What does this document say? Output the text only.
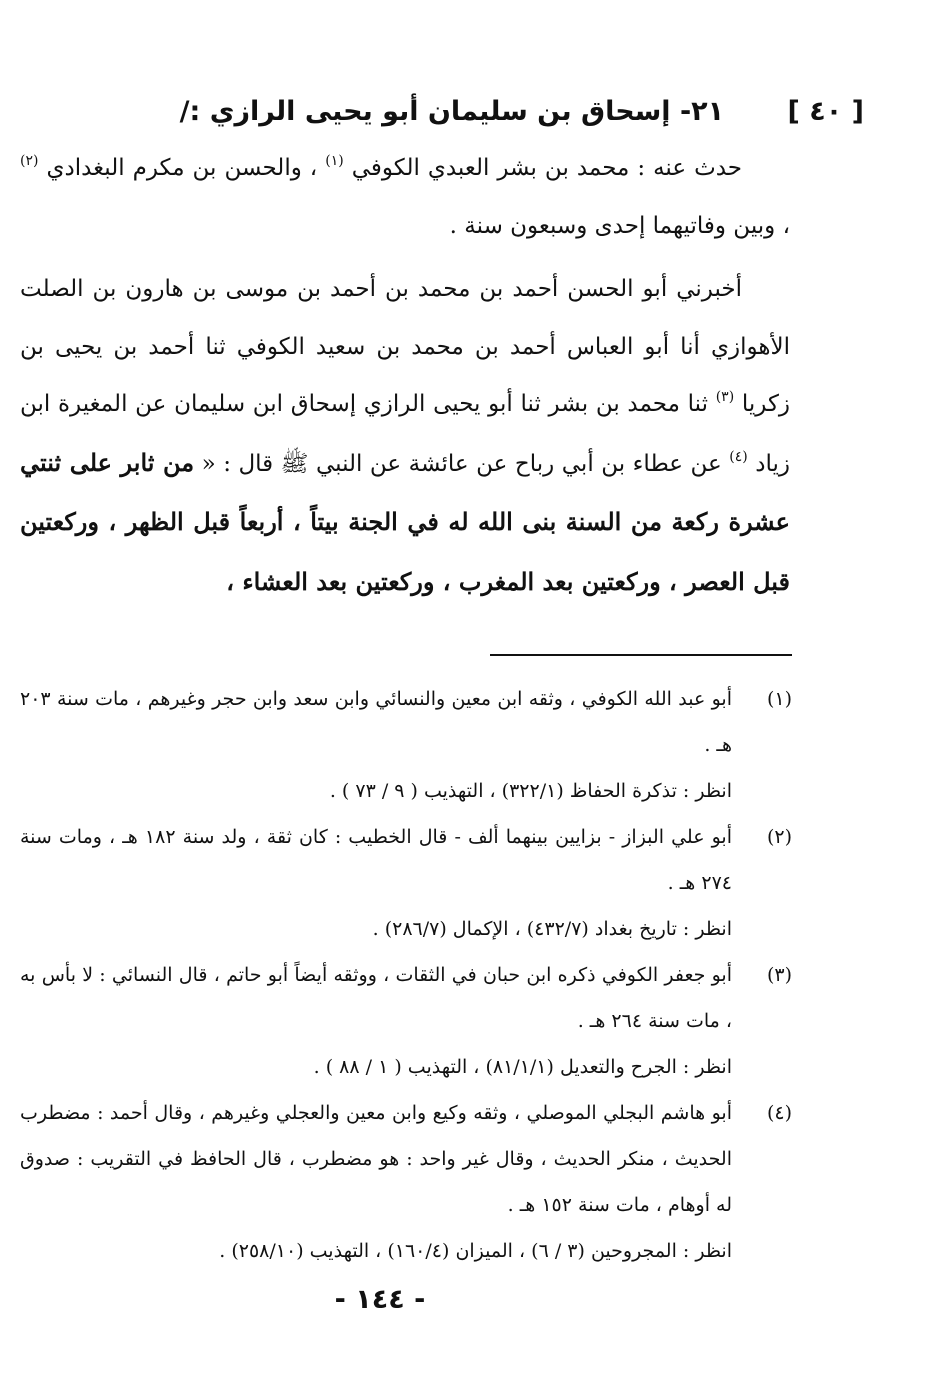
[ ٤٠ ] ٢١- إسحاق بن سليمان أبو يحيى الرازي :/

حدث عنه : محمد بن بشر العبدي الكوفي $^{(١)}$ ، والحسن بن مكرم البغدادي $^{(٢)}$ ، وبين وفاتيهما إحدى وسبعون سنة .

أخبرني أبو الحسن أحمد بن محمد بن أحمد بن موسى بن هارون بن الصلت الأهوازي أنا أبو العباس أحمد بن محمد بن سعيد الكوفي ثنا أحمد بن يحيى بن زكريا $^{(٣)}$ ثنا محمد بن بشر ثنا أبو يحيى الرازي إسحاق ابن سليمان عن المغيرة ابن زياد $^{(٤)}$ عن عطاء بن أبي رباح عن عائشة عن النبي ﷺ قال : « من ثابر على ثنتي عشرة ركعة من السنة بنى الله له في الجنة بيتاً ، أربعاً قبل الظهر ، وركعتين قبل العصر ، وركعتين بعد المغرب ، وركعتين بعد العشاء ،

(١)
أبو عبد الله الكوفي ، وثقه ابن معين والنسائي وابن سعد وابن حجر وغيرهم ، مات سنة ٢٠٣ هـ .
انظر : تذكرة الحفاظ (٣٢٢/١) ، التهذيب ( ٩ / ٧٣ ) .
(٢)
أبو علي البزاز - بزايين بينهما ألف - قال الخطيب : كان ثقة ، ولد سنة ١٨٢ هـ ، ومات سنة ٢٧٤ هـ .
انظر : تاريخ بغداد (٤٣٢/٧) ، الإكمال (٢٨٦/٧) .
(٣)
أبو جعفر الكوفي ذكره ابن حبان في الثقات ، ووثقه أيضاً أبو حاتم ، قال النسائي : لا بأس به ، مات سنة ٢٦٤ هـ .
انظر : الجرح والتعديل (٨١/١/١) ، التهذيب ( ١ / ٨٨ ) .
(٤)
أبو هاشم البجلي الموصلي ، وثقه وكيع وابن معين والعجلي وغيرهم ، وقال أحمد : مضطرب الحديث ، منكر الحديث ، وقال غير واحد : هو مضطرب ، قال الحافظ في التقريب : صدوق له أوهام ، مات سنة ١٥٢ هـ .
انظر : المجروحين (٣ / ٦) ، الميزان (١٦٠/٤) ، التهذيب (٢٥٨/١٠) .
- ١٤٤ -
